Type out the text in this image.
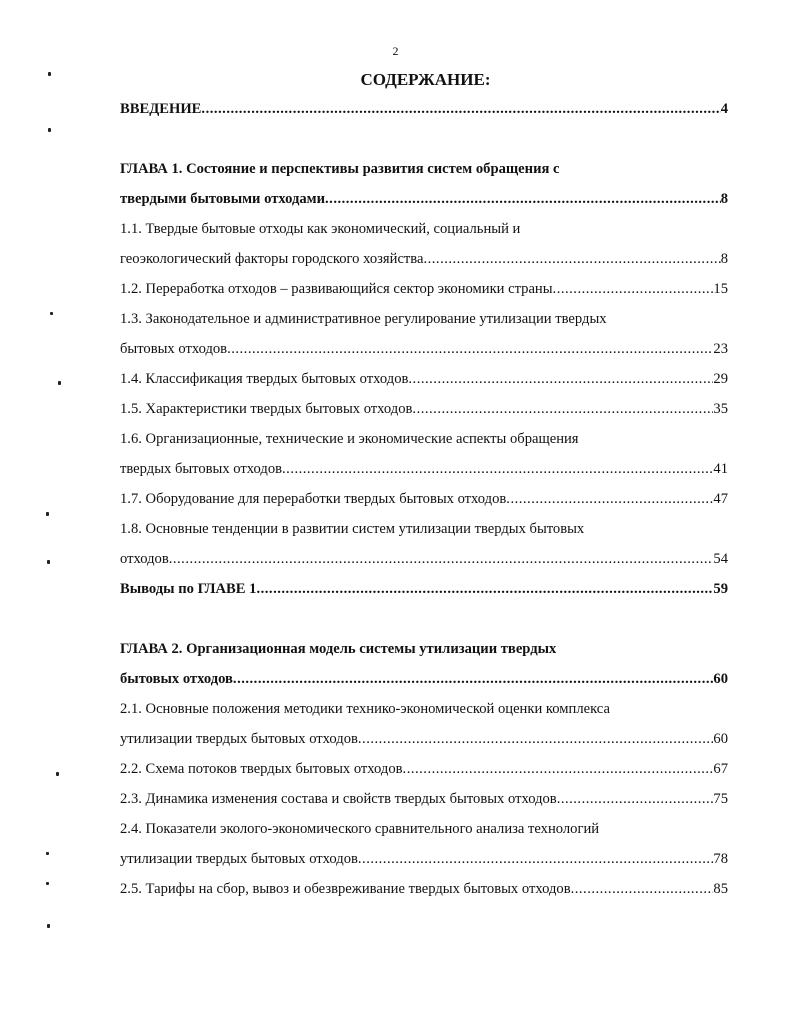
2
СОДЕРЖАНИЕ:
ВВЕДЕНИЕ .....	4
ГЛАВА 1. Состояние и перспективы развития систем обращения с
твердыми бытовыми отходами .....	8
1.1. Твердые бытовые отходы как экономический, социальный и
геоэкологический факторы городского хозяйства .....	8
1.2. Переработка отходов – развивающийся сектор экономики страны .....	15
1.3. Законодательное и административное регулирование утилизации твердых
бытовых отходов .....	23
1.4. Классификация твердых бытовых отходов .....	29
1.5. Характеристики твердых бытовых отходов .....	35
1.6. Организационные, технические и экономические аспекты обращения
твердых бытовых отходов .....	41
1.7. Оборудование для переработки твердых бытовых отходов .....	47
1.8. Основные тенденции в развитии систем утилизации твердых бытовых
отходов .....	54
Выводы по ГЛАВЕ 1 .....	59
ГЛАВА 2. Организационная модель системы утилизации твердых
бытовых отходов .....	60
2.1. Основные положения методики технико-экономической оценки комплекса
утилизации твердых бытовых отходов .....	60
2.2. Схема потоков твердых бытовых отходов .....	67
2.3. Динамика изменения состава и свойств твердых бытовых отходов .....	75
2.4. Показатели эколого-экономического сравнительного анализа технологий
утилизации твердых бытовых отходов .....	78
2.5. Тарифы на сбор, вывоз и обезвреживание твердых бытовых отходов .....	85
